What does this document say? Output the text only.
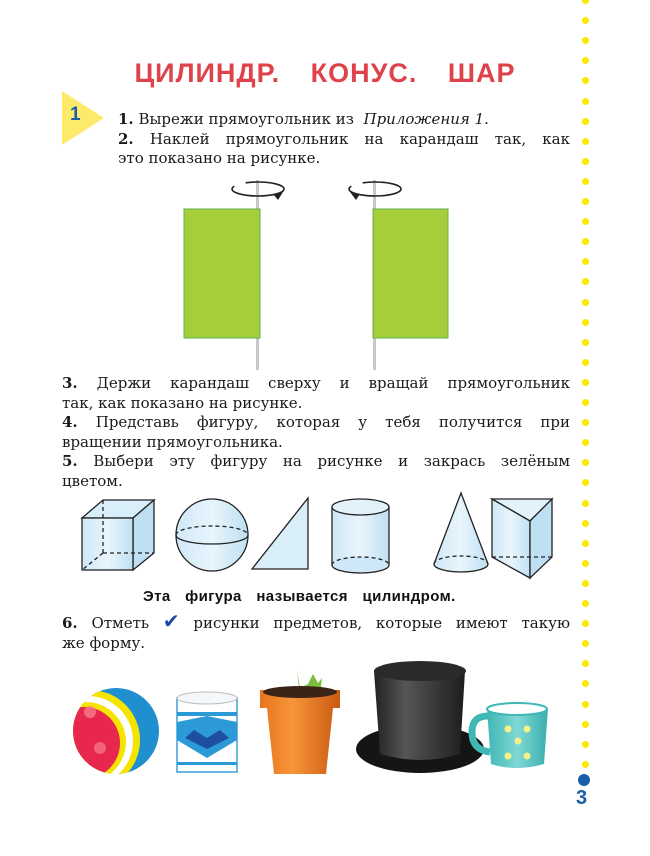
ЦИЛИНДР. КОНУС. ШАР
1 1. Вырежи прямоугольник из Приложения 1.
2. Наклей прямоугольник на карандаш так, как
это показано на рисунке.
3. Держи карандаш сверху и вращай прямоугольник
так, как показано на рисунке.
4. Представь фигуру, которая у тебя получится при
вращении прямоугольника.
5. Выбери эту фигуру на рисунке и закрась зелёным
цветом.
Эта фигура называется цилиндром.
6. Отметь ✔ рисунки предметов, которые имеют такую
же форму.
3
